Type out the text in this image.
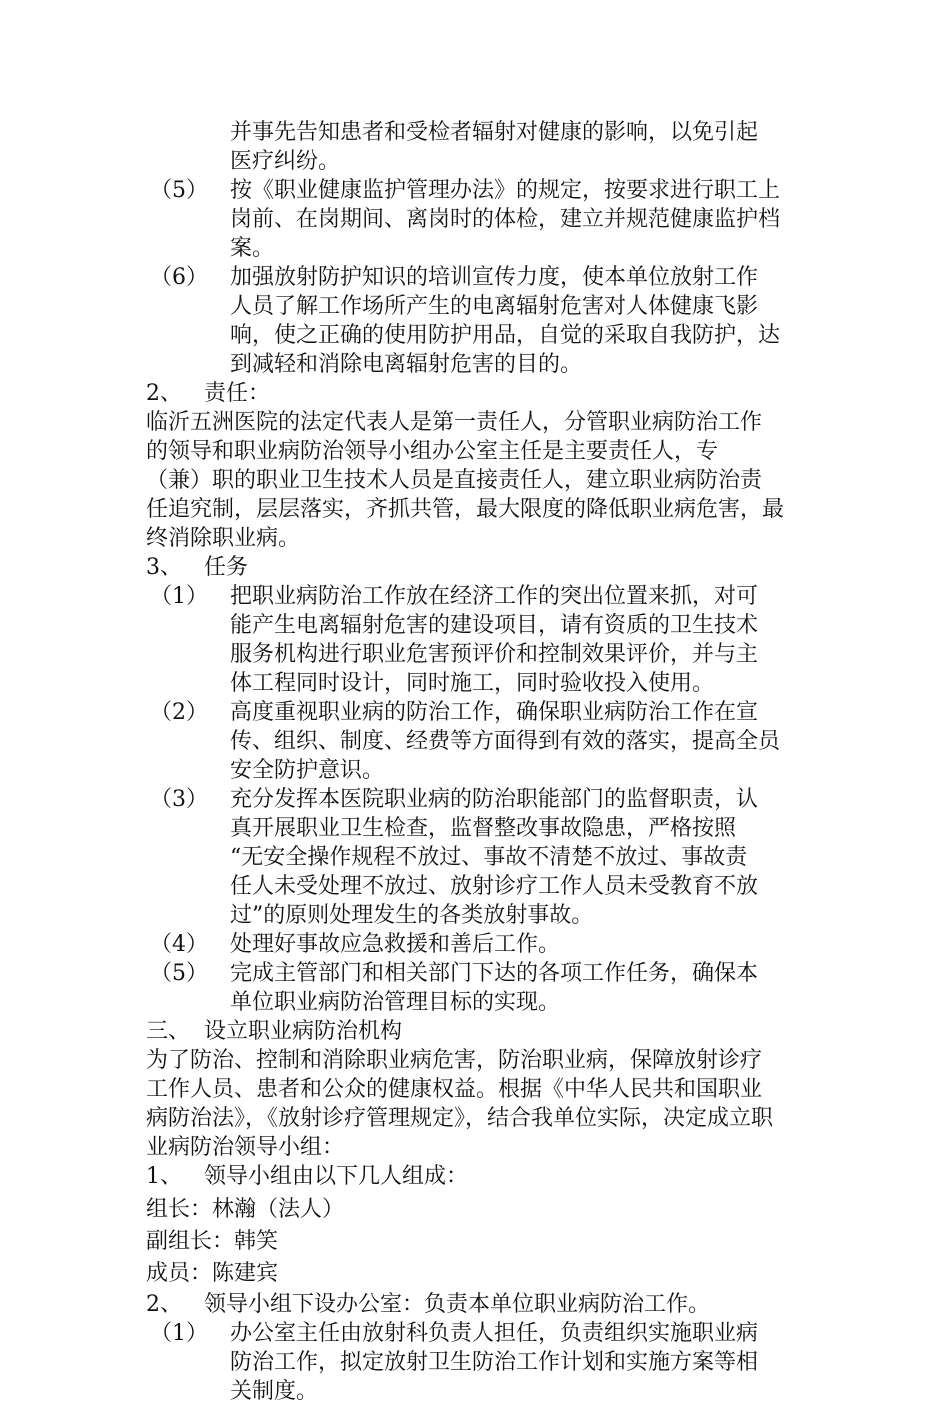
并事先告知患者和受检者辐射对健康的影响，以免引起
医疗纠纷。
（5）	按《职业健康监护管理办法》的规定，按要求进行职工上
岗前、在岗期间、离岗时的体检，建立并规范健康监护档
案。
（6）	加强放射防护知识的培训宣传力度，使本单位放射工作
人员了解工作场所产生的电离辐射危害对人体健康飞影
响，使之正确的使用防护用品，自觉的采取自我防护，达
到减轻和消除电离辐射危害的目的。
2、	责任：
临沂五洲医院的法定代表人是第一责任人，分管职业病防治工作
的领导和职业病防治领导小组办公室主任是主要责任人，专
（兼）职的职业卫生技术人员是直接责任人，建立职业病防治责
任追究制，层层落实，齐抓共管，最大限度的降低职业病危害，最
终消除职业病。
3、	任务
（1）	把职业病防治工作放在经济工作的突出位置来抓，对可
能产生电离辐射危害的建设项目，请有资质的卫生技术
服务机构进行职业危害预评价和控制效果评价，并与主
体工程同时设计，同时施工，同时验收投入使用。
（2）	高度重视职业病的防治工作，确保职业病防治工作在宣
传、组织、制度、经费等方面得到有效的落实，提高全员
安全防护意识。
（3）	充分发挥本医院职业病的防治职能部门的监督职责，认
真开展职业卫生检查，监督整改事故隐患，严格按照
“无安全操作规程不放过、事故不清楚不放过、事故责
任人未受处理不放过、放射诊疗工作人员未受教育不放
过”的原则处理发生的各类放射事故。
（4）	处理好事故应急救援和善后工作。
（5）	完成主管部门和相关部门下达的各项工作任务，确保本
单位职业病防治管理目标的实现。
三、 设立职业病防治机构
为了防治、控制和消除职业病危害，防治职业病，保障放射诊疗
工作人员、患者和公众的健康权益。根据《中华人民共和国职业
病防治法》，《放射诊疗管理规定》，结合我单位实际，决定成立职
业病防治领导小组：
1、	领导小组由以下几人组成：
组长：林瀚（法人）
副组长：韩笑
成员：陈建宾
2、	领导小组下设办公室：负责本单位职业病防治工作。
（1）	办公室主任由放射科负责人担任，负责组织实施职业病
防治工作，拟定放射卫生防治工作计划和实施方案等相
关制度。
